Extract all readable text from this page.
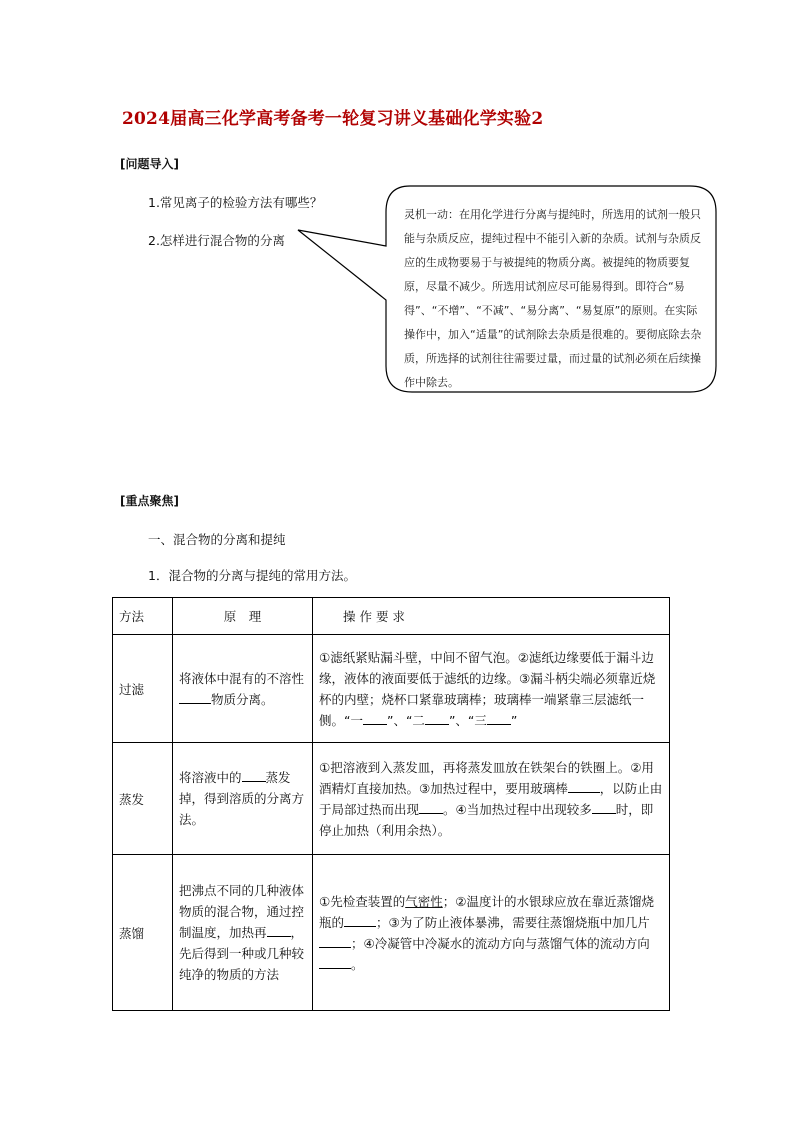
2024届高三化学高考备考一轮复习讲义基础化学实验2
[问题导入]
1.常见离子的检验方法有哪些？
2.怎样进行混合物的分离
灵机一动：在用化学进行分离与提纯时，所选用的试剂一般只能与杂质反应，提纯过程中不能引入新的杂质。试剂与杂质反应的生成物要易于与被提纯的物质分离。被提纯的物质要复原，尽量不减少。所选用试剂应尽可能易得到。即符合“易得”、“不增”、“不减”、“易分离”、“易复原”的原则。在实际操作中，加入“适量”的试剂除去杂质是很难的。要彻底除去杂质，所选择的试剂往往需要过量，而过量的试剂必须在后续操作中除去。
[重点聚焦]
一、混合物的分离和提纯
1．混合物的分离与提纯的常用方法。
方法	原　理	操 作 要 求
过滤	将液体中混有的不溶性物质分离。	①滤纸紧贴漏斗壁，中间不留气泡。②滤纸边缘要低于漏斗边缘，液体的液面要低于滤纸的边缘。③漏斗柄尖端必须靠近烧杯的内壁；烧杯口紧靠玻璃棒；玻璃棒一端紧靠三层滤纸一侧。“一 ”、“二 ”、“三 ”
蒸发	将溶液中的 蒸发掉，得到溶质的分离方法。	①把溶液到入蒸发皿，再将蒸发皿放在铁架台的铁圈上。②用酒精灯直接加热。③加热过程中，要用玻璃棒 ，以防止由于局部过热而出现 。④当加热过程中出现较多 时，即停止加热（利用余热）。
蒸馏	把沸点不同的几种液体物质的混合物，通过控制温度，加热再 ，先后得到一种或几种较纯净的物质的方法	①先检查装置的气密性；②温度计的水银球应放在靠近蒸馏烧瓶的 ；③为了防止液体暴沸，需要往蒸馏烧瓶中加几片；④冷凝管中冷凝水的流动方向与蒸馏气体的流动方向。
